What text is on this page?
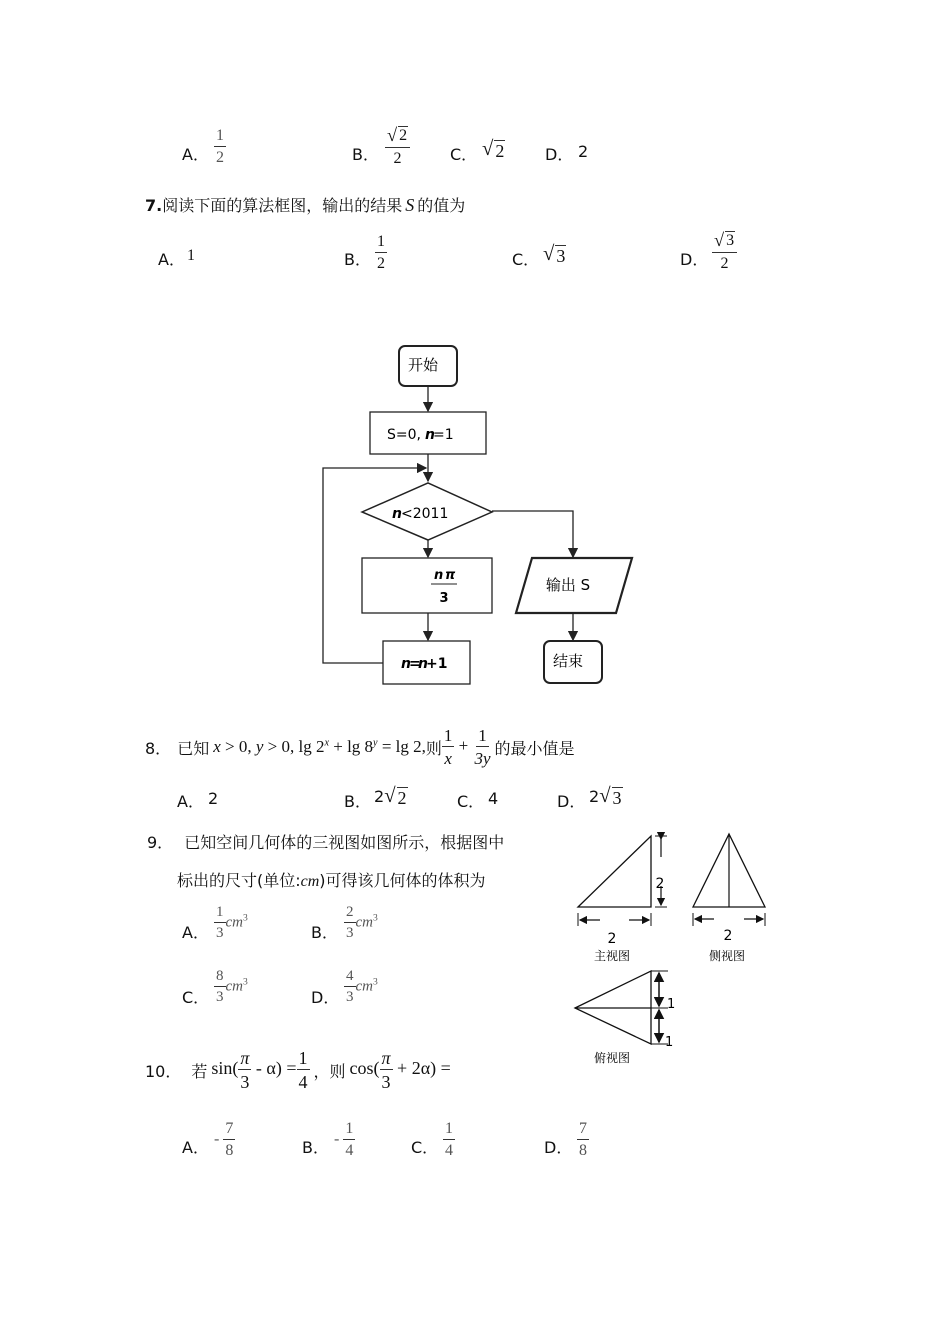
A． $\frac{1}{2}$	B． $\frac{√ 2}{2}$ C． √ 2	D． 2
7.阅读下面的算法框图，输出的结果 S 的值为
A． 1	B． $\frac{1}{2}$	C． √ 3	D． $\frac{√ 3}{2}$
开始
S=0, n
=1
n <2011
n π
3
n
=
n
+1
输出 S
结束
8． 已知 x > 0, y > 0, $\lg 2^x + \lg 8^y = \lg 2$, 则 $\frac{1}{x} + \frac{1}{3y}$ 的最小值是
A． 2	B． 2 √ 2	C． 4	D． 2 √ 3
9． 已知空间几何体的三视图如图所示，根据图中
标出的尺寸(单位:cm)可得该几何体的体积为
A． $\frac{1}{3} cm^3$
B． $\frac{2}{3} cm^3$
C． $\frac{8}{3} cm^3$
D． $\frac{4}{3} cm^3$
2
2
主视图
2
侧视图
1
1
俯视图
10． 若 $\sin( \frac{\pi}{3} - \alpha) = \frac{1}{4}$ ，则 $\cos( \frac{\pi}{3} + 2\alpha)$ =
A． - $\frac{7}{8}$	B． - $\frac{1}{4}$	C． $\frac{1}{4}$	D． $\frac{7}{8}$
